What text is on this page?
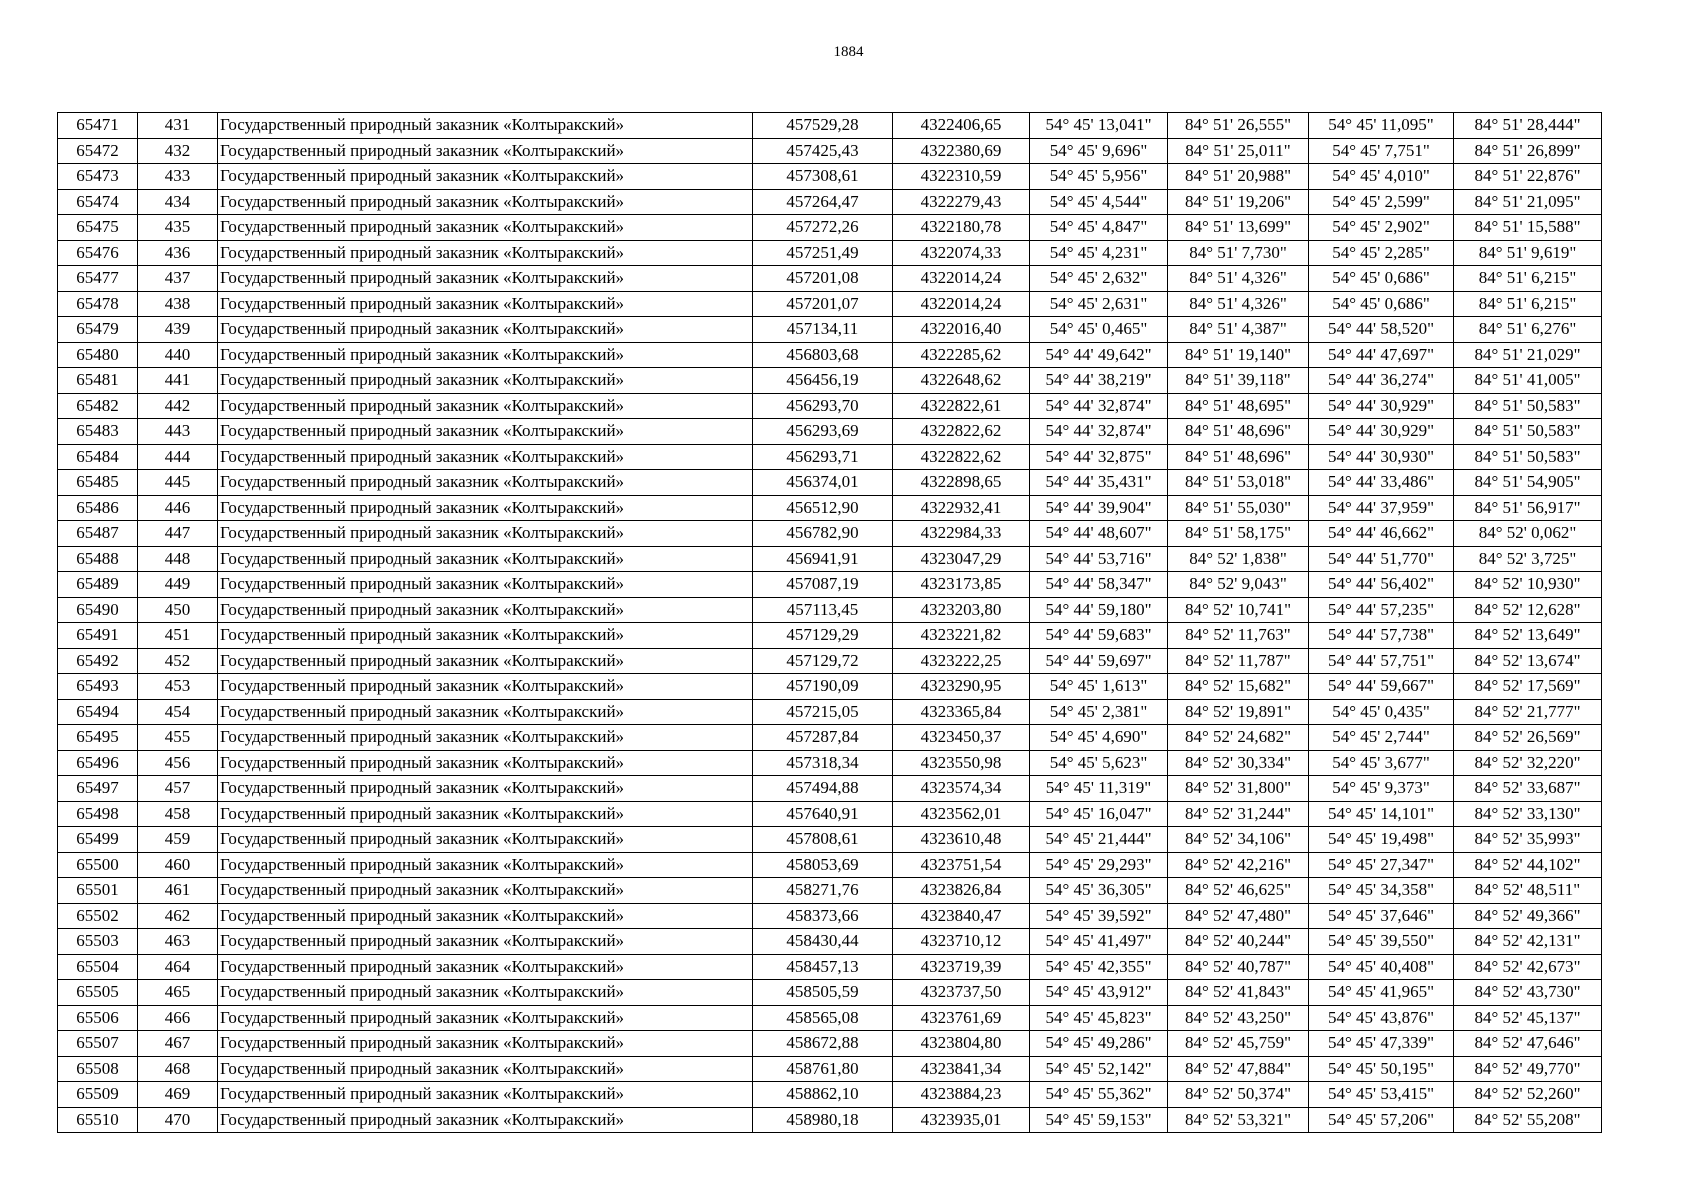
1884
65471	431	Государственный природный заказник «Колтыракский»	457529,28	4322406,65	54° 45' 13,041"	84° 51' 26,555"	54° 45' 11,095"	84° 51' 28,444"
65472	432	Государственный природный заказник «Колтыракский»	457425,43	4322380,69	54° 45' 9,696"	84° 51' 25,011"	54° 45' 7,751"	84° 51' 26,899"
65473	433	Государственный природный заказник «Колтыракский»	457308,61	4322310,59	54° 45' 5,956"	84° 51' 20,988"	54° 45' 4,010"	84° 51' 22,876"
65474	434	Государственный природный заказник «Колтыракский»	457264,47	4322279,43	54° 45' 4,544"	84° 51' 19,206"	54° 45' 2,599"	84° 51' 21,095"
65475	435	Государственный природный заказник «Колтыракский»	457272,26	4322180,78	54° 45' 4,847"	84° 51' 13,699"	54° 45' 2,902"	84° 51' 15,588"
65476	436	Государственный природный заказник «Колтыракский»	457251,49	4322074,33	54° 45' 4,231"	84° 51' 7,730"	54° 45' 2,285"	84° 51' 9,619"
65477	437	Государственный природный заказник «Колтыракский»	457201,08	4322014,24	54° 45' 2,632"	84° 51' 4,326"	54° 45' 0,686"	84° 51' 6,215"
65478	438	Государственный природный заказник «Колтыракский»	457201,07	4322014,24	54° 45' 2,631"	84° 51' 4,326"	54° 45' 0,686"	84° 51' 6,215"
65479	439	Государственный природный заказник «Колтыракский»	457134,11	4322016,40	54° 45' 0,465"	84° 51' 4,387"	54° 44' 58,520"	84° 51' 6,276"
65480	440	Государственный природный заказник «Колтыракский»	456803,68	4322285,62	54° 44' 49,642"	84° 51' 19,140"	54° 44' 47,697"	84° 51' 21,029"
65481	441	Государственный природный заказник «Колтыракский»	456456,19	4322648,62	54° 44' 38,219"	84° 51' 39,118"	54° 44' 36,274"	84° 51' 41,005"
65482	442	Государственный природный заказник «Колтыракский»	456293,70	4322822,61	54° 44' 32,874"	84° 51' 48,695"	54° 44' 30,929"	84° 51' 50,583"
65483	443	Государственный природный заказник «Колтыракский»	456293,69	4322822,62	54° 44' 32,874"	84° 51' 48,696"	54° 44' 30,929"	84° 51' 50,583"
65484	444	Государственный природный заказник «Колтыракский»	456293,71	4322822,62	54° 44' 32,875"	84° 51' 48,696"	54° 44' 30,930"	84° 51' 50,583"
65485	445	Государственный природный заказник «Колтыракский»	456374,01	4322898,65	54° 44' 35,431"	84° 51' 53,018"	54° 44' 33,486"	84° 51' 54,905"
65486	446	Государственный природный заказник «Колтыракский»	456512,90	4322932,41	54° 44' 39,904"	84° 51' 55,030"	54° 44' 37,959"	84° 51' 56,917"
65487	447	Государственный природный заказник «Колтыракский»	456782,90	4322984,33	54° 44' 48,607"	84° 51' 58,175"	54° 44' 46,662"	84° 52' 0,062"
65488	448	Государственный природный заказник «Колтыракский»	456941,91	4323047,29	54° 44' 53,716"	84° 52' 1,838"	54° 44' 51,770"	84° 52' 3,725"
65489	449	Государственный природный заказник «Колтыракский»	457087,19	4323173,85	54° 44' 58,347"	84° 52' 9,043"	54° 44' 56,402"	84° 52' 10,930"
65490	450	Государственный природный заказник «Колтыракский»	457113,45	4323203,80	54° 44' 59,180"	84° 52' 10,741"	54° 44' 57,235"	84° 52' 12,628"
65491	451	Государственный природный заказник «Колтыракский»	457129,29	4323221,82	54° 44' 59,683"	84° 52' 11,763"	54° 44' 57,738"	84° 52' 13,649"
65492	452	Государственный природный заказник «Колтыракский»	457129,72	4323222,25	54° 44' 59,697"	84° 52' 11,787"	54° 44' 57,751"	84° 52' 13,674"
65493	453	Государственный природный заказник «Колтыракский»	457190,09	4323290,95	54° 45' 1,613"	84° 52' 15,682"	54° 44' 59,667"	84° 52' 17,569"
65494	454	Государственный природный заказник «Колтыракский»	457215,05	4323365,84	54° 45' 2,381"	84° 52' 19,891"	54° 45' 0,435"	84° 52' 21,777"
65495	455	Государственный природный заказник «Колтыракский»	457287,84	4323450,37	54° 45' 4,690"	84° 52' 24,682"	54° 45' 2,744"	84° 52' 26,569"
65496	456	Государственный природный заказник «Колтыракский»	457318,34	4323550,98	54° 45' 5,623"	84° 52' 30,334"	54° 45' 3,677"	84° 52' 32,220"
65497	457	Государственный природный заказник «Колтыракский»	457494,88	4323574,34	54° 45' 11,319"	84° 52' 31,800"	54° 45' 9,373"	84° 52' 33,687"
65498	458	Государственный природный заказник «Колтыракский»	457640,91	4323562,01	54° 45' 16,047"	84° 52' 31,244"	54° 45' 14,101"	84° 52' 33,130"
65499	459	Государственный природный заказник «Колтыракский»	457808,61	4323610,48	54° 45' 21,444"	84° 52' 34,106"	54° 45' 19,498"	84° 52' 35,993"
65500	460	Государственный природный заказник «Колтыракский»	458053,69	4323751,54	54° 45' 29,293"	84° 52' 42,216"	54° 45' 27,347"	84° 52' 44,102"
65501	461	Государственный природный заказник «Колтыракский»	458271,76	4323826,84	54° 45' 36,305"	84° 52' 46,625"	54° 45' 34,358"	84° 52' 48,511"
65502	462	Государственный природный заказник «Колтыракский»	458373,66	4323840,47	54° 45' 39,592"	84° 52' 47,480"	54° 45' 37,646"	84° 52' 49,366"
65503	463	Государственный природный заказник «Колтыракский»	458430,44	4323710,12	54° 45' 41,497"	84° 52' 40,244"	54° 45' 39,550"	84° 52' 42,131"
65504	464	Государственный природный заказник «Колтыракский»	458457,13	4323719,39	54° 45' 42,355"	84° 52' 40,787"	54° 45' 40,408"	84° 52' 42,673"
65505	465	Государственный природный заказник «Колтыракский»	458505,59	4323737,50	54° 45' 43,912"	84° 52' 41,843"	54° 45' 41,965"	84° 52' 43,730"
65506	466	Государственный природный заказник «Колтыракский»	458565,08	4323761,69	54° 45' 45,823"	84° 52' 43,250"	54° 45' 43,876"	84° 52' 45,137"
65507	467	Государственный природный заказник «Колтыракский»	458672,88	4323804,80	54° 45' 49,286"	84° 52' 45,759"	54° 45' 47,339"	84° 52' 47,646"
65508	468	Государственный природный заказник «Колтыракский»	458761,80	4323841,34	54° 45' 52,142"	84° 52' 47,884"	54° 45' 50,195"	84° 52' 49,770"
65509	469	Государственный природный заказник «Колтыракский»	458862,10	4323884,23	54° 45' 55,362"	84° 52' 50,374"	54° 45' 53,415"	84° 52' 52,260"
65510	470	Государственный природный заказник «Колтыракский»	458980,18	4323935,01	54° 45' 59,153"	84° 52' 53,321"	54° 45' 57,206"	84° 52' 55,208"
